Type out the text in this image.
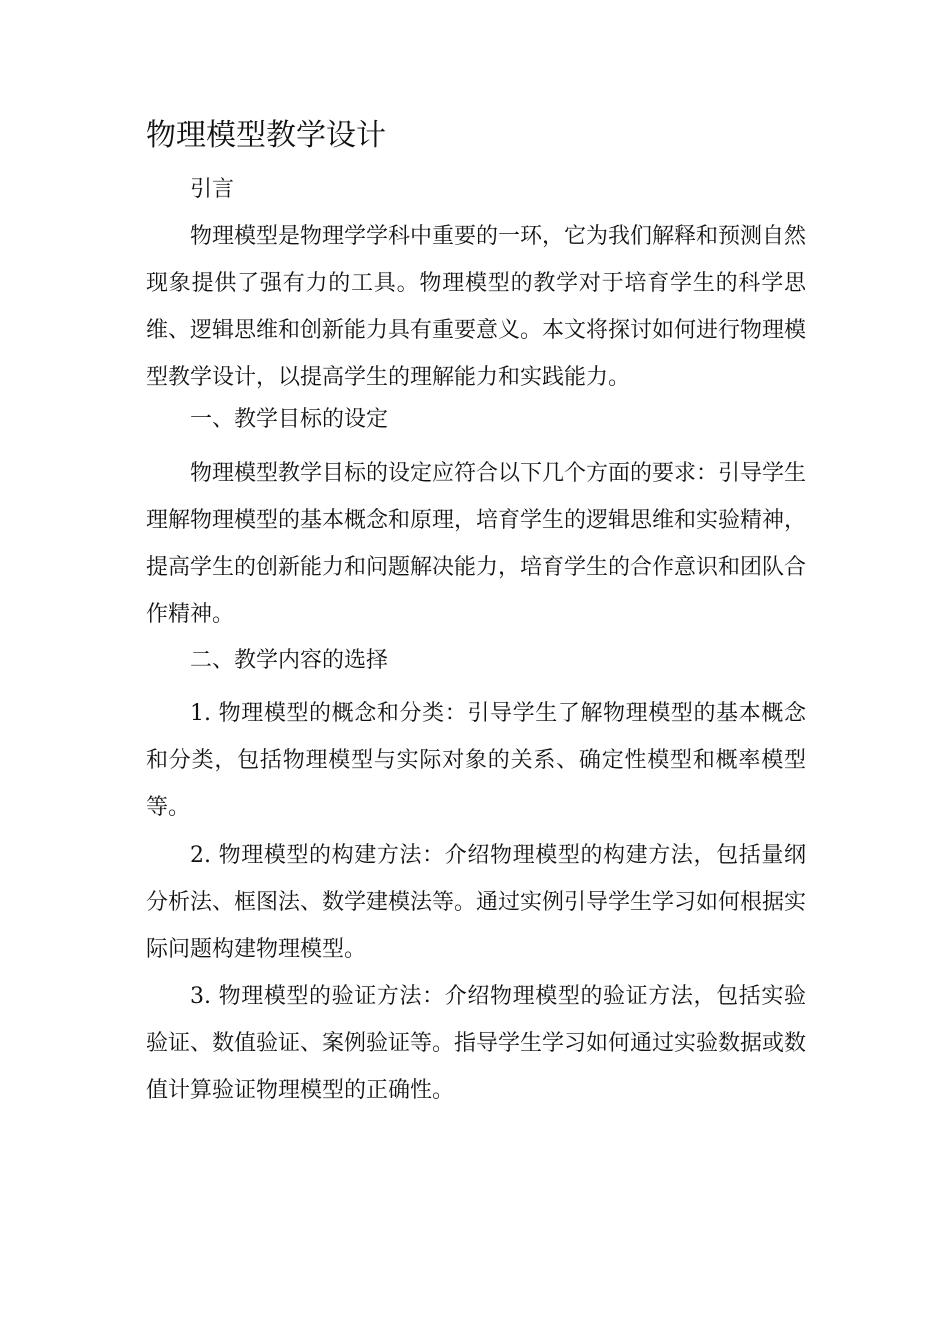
物理模型教学设计

引言

物理模型是物理学学科中重要的一环，它为我们解释和预测自然现象提供了强有力的工具。物理模型的教学对于培育学生的科学思维、逻辑思维和创新能力具有重要意义。本文将探讨如何进行物理模型教学设计，以提高学生的理解能力和实践能力。

一、教学目标的设定

物理模型教学目标的设定应符合以下几个方面的要求：引导学生理解物理模型的基本概念和原理，培育学生的逻辑思维和实验精神，提高学生的创新能力和问题解决能力，培育学生的合作意识和团队合作精神。

二、教学内容的选择

1. 物理模型的概念和分类：引导学生了解物理模型的基本概念和分类，包括物理模型与实际对象的关系、确定性模型和概率模型等。

2. 物理模型的构建方法：介绍物理模型的构建方法，包括量纲分析法、框图法、数学建模法等。通过实例引导学生学习如何根据实际问题构建物理模型。

3. 物理模型的验证方法：介绍物理模型的验证方法，包括实验验证、数值验证、案例验证等。指导学生学习如何通过实验数据或数值计算验证物理模型的正确性。
